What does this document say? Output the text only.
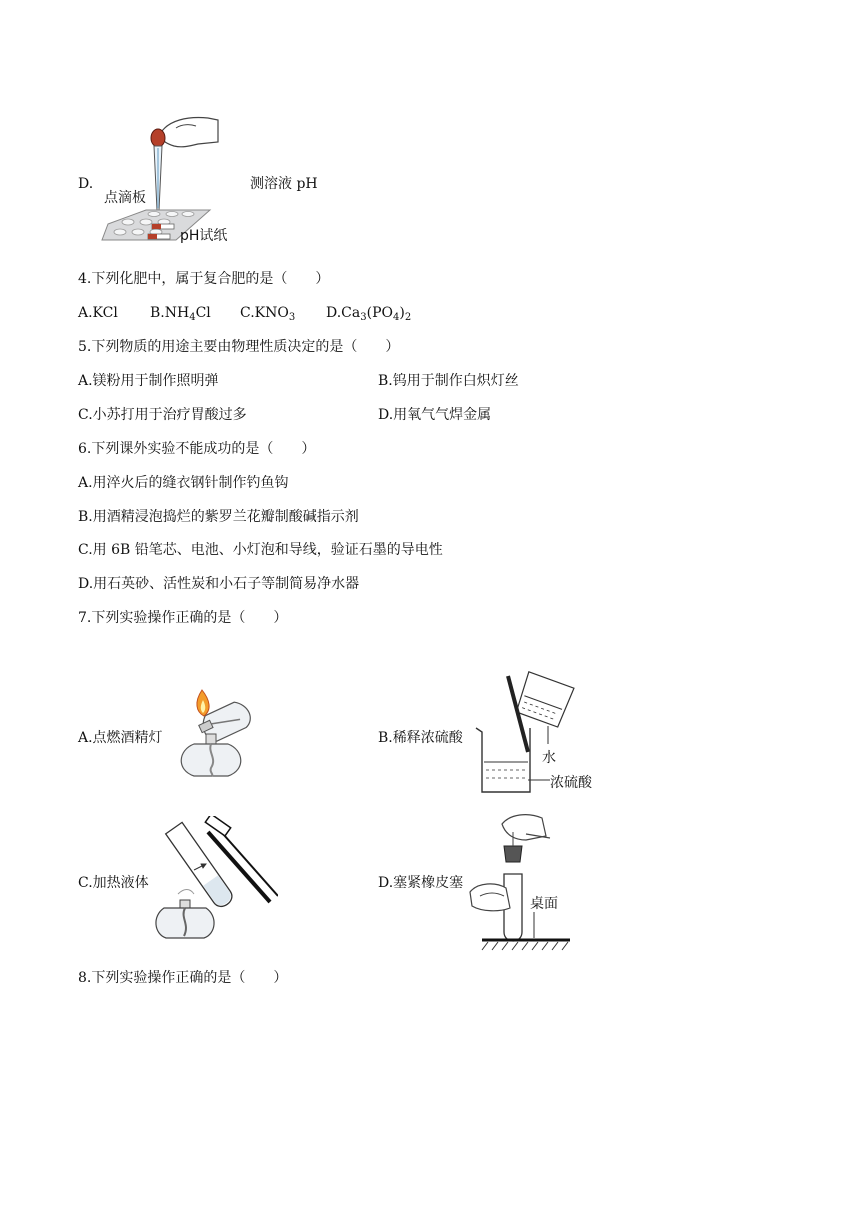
D.
点滴板
pH试纸
测溶液 pH
4.下列化肥中，属于复合肥的是（　　）
A.KCl $B.NH_4Cl$ $C.KNO_3$ $D.Ca_3(PO_4)_2$
5.下列物质的用途主要由物理性质决定的是（　　）
A.镁粉用于制作照明弹	B.钨用于制作白炽灯丝
C.小苏打用于治疗胃酸过多	D.用氧气气焊金属
6.下列课外实验不能成功的是（　　）
A.用淬火后的缝衣钢针制作钓鱼钩
B.用酒精浸泡捣烂的紫罗兰花瓣制酸碱指示剂
C.用 6B 铅笔芯、电池、小灯泡和导线，验证石墨的导电性
D.用石英砂、活性炭和小石子等制简易净水器
7.下列实验操作正确的是（　　）
A.点燃酒精灯	B.稀释浓硫酸
水
浓硫酸
C.加热液体	D.塞紧橡皮塞
桌面
8.下列实验操作正确的是（　　）
